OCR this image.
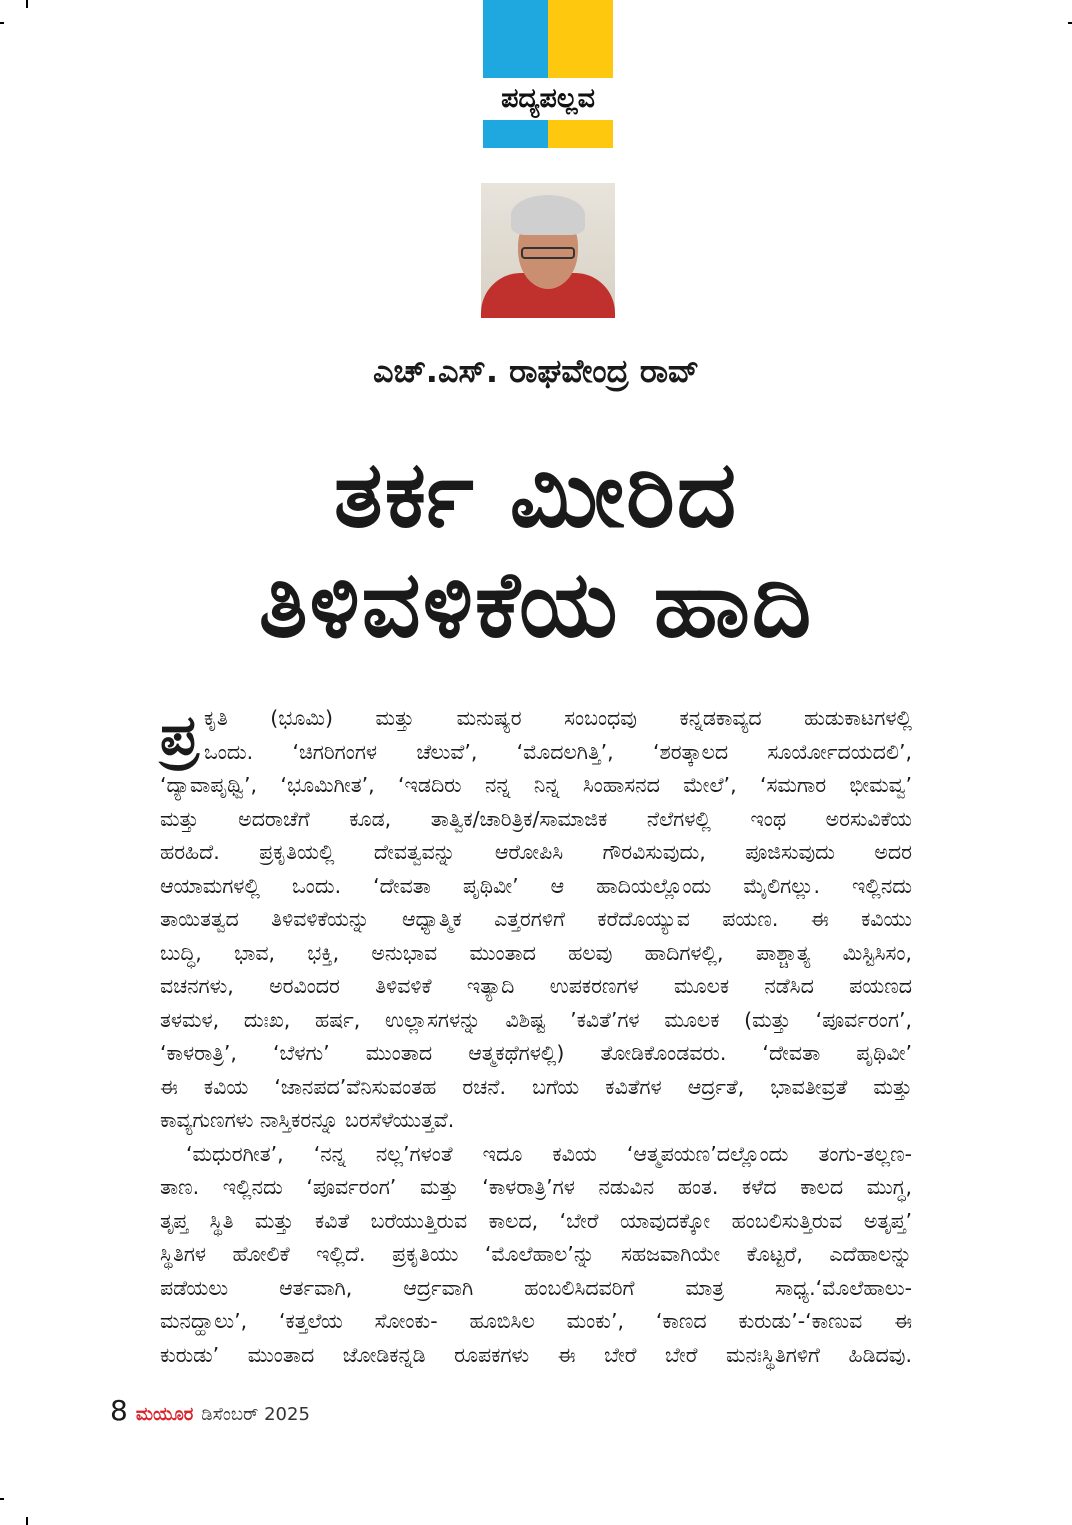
ಪದ್ಯಪಲ್ಲವ
ಎಚ್.ಎಸ್. ರಾಘವೇಂದ್ರ ರಾವ್
ತರ್ಕ ಮೀರಿದ
ತಿಳಿವಳಿಕೆಯ ಹಾದಿ
ಪ್ರ ಕೃತಿ (ಭೂಮಿ) ಮತ್ತು ಮನುಷ್ಯರ ಸಂಬಂಧವು ಕನ್ನಡಕಾವ್ಯದ ಹುಡುಕಾಟಗಳಲ್ಲಿ
ಒಂದು. ‘ಚಿಗರಿಗಂಗಳ ಚೆಲುವೆ’, ‘ಮೊದಲಗಿತ್ತಿ’, ‘ಶರತ್ಕಾಲದ ಸೂರ್ಯೋದಯದಲಿ’,
‘ದ್ಯಾವಾಪೃಥ್ವಿ’, ‘ಭೂಮಿಗೀತ’, ‘ಇಡದಿರು ನನ್ನ ನಿನ್ನ ಸಿಂಹಾಸನದ ಮೇಲೆ’, ‘ಸಮಗಾರ ಭೀಮವ್ವ’
ಮತ್ತು ಅದರಾಚೆಗೆ ಕೂಡ, ತಾತ್ವಿಕ/ಚಾರಿತ್ರಿಕ/ಸಾಮಾಜಿಕ ನೆಲೆಗಳಲ್ಲಿ ಇಂಥ ಅರಸುವಿಕೆಯ
ಹರಹಿದೆ. ಪ್ರಕೃತಿಯಲ್ಲಿ ದೇವತ್ವವನ್ನು ಆರೋಪಿಸಿ ಗೌರವಿಸುವುದು, ಪೂಜಿಸುವುದು ಅದರ
ಆಯಾಮಗಳಲ್ಲಿ ಒಂದು. ‘ದೇವತಾ ಪೃಥಿವೀ’ ಆ ಹಾದಿಯಲ್ಲೊಂದು ಮೈಲಿಗಲ್ಲು. ಇಲ್ಲಿನದು
ತಾಯಿತತ್ವದ ತಿಳಿವಳಿಕೆಯನ್ನು ಆಧ್ಯಾತ್ಮಿಕ ಎತ್ತರಗಳಿಗೆ ಕರೆದೊಯ್ಯುವ ಪಯಣ. ಈ ಕವಿಯು
ಬುದ್ಧಿ, ಭಾವ, ಭಕ್ತಿ, ಅನುಭಾವ ಮುಂತಾದ ಹಲವು ಹಾದಿಗಳಲ್ಲಿ, ಪಾಶ್ಚಾತ್ಯ ಮಿಸ್ಟಿಸಿಸಂ,
ವಚನಗಳು, ಅರವಿಂದರ ತಿಳಿವಳಿಕೆ ಇತ್ಯಾದಿ ಉಪಕರಣಗಳ ಮೂಲಕ ನಡೆಸಿದ ಪಯಣದ
ತಳಮಳ, ದುಃಖ, ಹರ್ಷ, ಉಲ್ಲಾಸಗಳನ್ನು ವಿಶಿಷ್ಟ ’ಕವಿತೆ’ಗಳ ಮೂಲಕ (ಮತ್ತು ‘ಪೂರ್ವರಂಗ’,
‘ಕಾಳರಾತ್ರಿ’, ‘ಬೆಳಗು’ ಮುಂತಾದ ಆತ್ಮಕಥೆಗಳಲ್ಲಿ) ತೋಡಿಕೊಂಡವರು. ‘ದೇವತಾ ಪೃಥಿವೀ’
ಈ ಕವಿಯ ‘ಜಾನಪದ’ವೆನಿಸುವಂತಹ ರಚನೆ. ಬಗೆಯ ಕವಿತೆಗಳ ಆರ್ದ್ರತೆ, ಭಾವತೀವ್ರತೆ ಮತ್ತು
ಕಾವ್ಯಗುಣಗಳು ನಾಸ್ತಿಕರನ್ನೂ ಬರಸೆಳೆಯುತ್ತವೆ.
‘ಮಧುರಗೀತ’, ‘ನನ್ನ ನಲ್ಲ’ಗಳಂತೆ ಇದೂ ಕವಿಯ ‘ಆತ್ಮಪಯಣ’ದಲ್ಲೊಂದು ತಂಗು-ತಲ್ಲಣ-
ತಾಣ. ಇಲ್ಲಿನದು ‘ಪೂರ್ವರಂಗ’ ಮತ್ತು ‘ಕಾಳರಾತ್ರಿ’ಗಳ ನಡುವಿನ ಹಂತ. ಕಳೆದ ಕಾಲದ ಮುಗ್ಧ,
ತೃಪ್ತ ಸ್ಥಿತಿ ಮತ್ತು ಕವಿತೆ ಬರೆಯುತ್ತಿರುವ ಕಾಲದ, ‘ಬೇರೆ ಯಾವುದಕ್ಕೋ ಹಂಬಲಿಸುತ್ತಿರುವ ಅತೃಪ್ತ’
ಸ್ಥಿತಿಗಳ ಹೋಲಿಕೆ ಇಲ್ಲಿದೆ. ಪ್ರಕೃತಿಯು ‘ಮೊಲೆಹಾಲ’ನ್ನು ಸಹಜವಾಗಿಯೇ ಕೊಟ್ಟರೆ, ಎದೆಹಾಲನ್ನು
ಪಡೆಯಲು ಆರ್ತವಾಗಿ, ಆರ್ದ್ರವಾಗಿ ಹಂಬಲಿಸಿದವರಿಗೆ ಮಾತ್ರ ಸಾಧ್ಯ.‘ಮೊಲೆಹಾಲು-
ಮನದ್ಹಾಲು’, ‘ಕತ್ತಲೆಯ ಸೋಂಕು- ಹೂಬಿಸಿಲ ಮಂಕು’, ‘ಕಾಣದ ಕುರುಡು’-‘ಕಾಣುವ ಈ
ಕುರುಡು’ ಮುಂತಾದ ಜೋಡಿಕನ್ನಡಿ ರೂಪಕಗಳು ಈ ಬೇರೆ ಬೇರೆ ಮನಃಸ್ಥಿತಿಗಳಿಗೆ ಹಿಡಿದವು.
8 ಮಯೂರ ಡಿಸೆಂಬರ್ 2025
